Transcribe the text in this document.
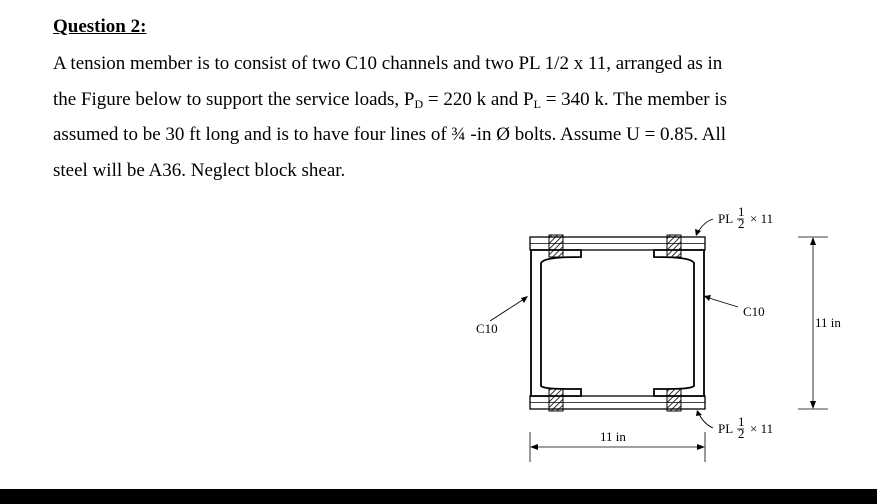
Question 2:
A tension member is to consist of two C10 channels and two PL 1/2 x 11, arranged as in
the Figure below to support the service loads, $P_D = 220$ k and $P_L = 340$ k. The member is
assumed to be 30 ft long and is to have four lines of ¾ -in Ø bolts. Assume U = 0.85. All
steel will be A36. Neglect block shear.
PL 1
2 × 11
PL 1
2 × 11
C10
C10	11 in
11 in
